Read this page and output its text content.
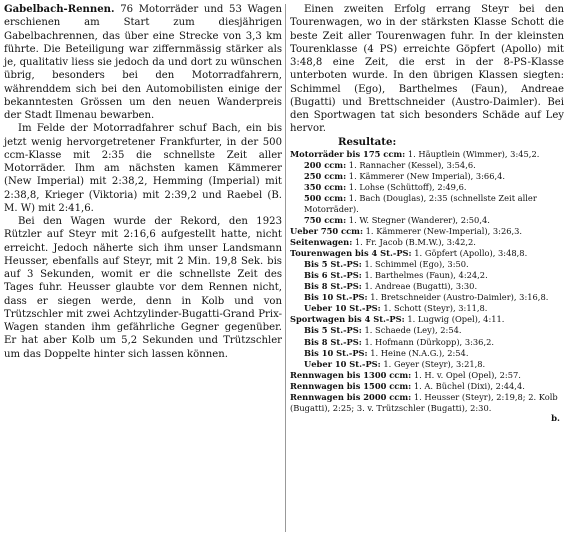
Gabelbach-Rennen. 76 Motorräder und 53 Wagen erschienen am Start zum diesjährigen Gabelbachrennen, das über eine Strecke von 3,3 km führte. Die Beteiligung war ziffernmässig stärker als je, qualitativ liess sie jedoch da und dort zu wünschen übrig, besonders bei den Motorradfahrern, währenddem sich bei den Automobilisten einige der bekanntesten Grössen um den neuen Wanderpreis der Stadt Ilmenau bewarben.

Im Felde der Motorradfahrer schuf Bach, ein bis jetzt wenig hervorgetretener Frankfurter, in der 500 ccm-Klasse mit 2:35 die schnellste Zeit aller Motorräder. Ihm am nächsten kamen Kämmerer (New Imperial) mit 2:38,2, Hemming (Imperial) mit 2:38,8, Krieger (Viktoria) mit 2:39,2 und Raebel (B. M. W) mit 2:41,6.

Bei den Wagen wurde der Rekord, den 1923 Rützler auf Steyr mit 2:16,6 aufgestellt hatte, nicht erreicht. Jedoch näherte sich ihm unser Landsmann Heusser, ebenfalls auf Steyr, mit 2 Min. 19,8 Sek. bis auf 3 Sekunden, womit er die schnellste Zeit des Tages fuhr. Heusser glaubte vor dem Rennen nicht, dass er siegen werde, denn in Kolb und von Trützschler mit zwei Achtzylinder-Bugatti-Grand Prix-Wagen standen ihm gefährliche Gegner gegenüber. Er hat aber Kolb um 5,2 Sekunden und Trützschler um das Doppelte hinter sich lassen können.

Einen zweiten Erfolg errang Steyr bei den Tourenwagen, wo in der stärksten Klasse Schott die beste Zeit aller Tourenwagen fuhr. In der kleinsten Tourenklasse (4 PS) erreichte Göpfert (Apollo) mit 3:48,8 eine Zeit, die erst in der 8-PS-Klasse unterboten wurde. In den übrigen Klassen siegten: Schimmel (Ego), Barthelmes (Faun), Andreae (Bugatti) und Brettschneider (Austro-Daimler). Bei den Sportwagen tat sich besonders Schäde auf Ley hervor.

Resultate:

Motorräder bis 175 ccm: 1. Häuptlein (Wimmer), 3:45,2.

200 ccm: 1. Rannacher (Kessel), 3:54,6.

250 ccm: 1. Kämmerer (New Imperial), 3:66,4.

350 ccm: 1. Lohse (Schüttoff), 2:49,6.

500 ccm: 1. Bach (Douglas), 2:35 (schnellste Zeit aller Motorräder).

750 ccm: 1. W. Stegner (Wanderer), 2:50,4.

Ueber 750 ccm: 1. Kämmerer (New-Imperial), 3:26,3.

Seitenwagen: 1. Fr. Jacob (B.M.W.), 3:42,2.

Tourenwagen bis 4 St.-PS: 1. Göpfert (Apollo), 3:48,8.

Bis 5 St.-PS: 1. Schimmel (Ego), 3:50.

Bis 6 St.-PS: 1. Barthelmes (Faun), 4:24,2.

Bis 8 St.-PS: 1. Andreae (Bugatti), 3:30.

Bis 10 St.-PS: 1. Bretschneider (Austro-Daimler), 3:16,8.

Ueber 10 St.-PS: 1. Schott (Steyr), 3:11,8.

Sportwagen bis 4 St.-PS: 1. Lugwig (Opel), 4:11.

Bis 5 St.-PS: 1. Schaede (Ley), 2:54.

Bis 8 St.-PS: 1. Hofmann (Dürkopp), 3:36,2.

Bis 10 St.-PS: 1. Heine (N.A.G.), 2:54.

Ueber 10 St.-PS: 1. Geyer (Steyr), 3:21,8.

Rennwagen bis 1300 ccm: 1. H. v. Opel (Opel), 2:57.

Rennwagen bis 1500 ccm: 1. A. Büchel (Dixi), 2:44,4.

Rennwagen bis 2000 ccm: 1. Heusser (Steyr), 2:19,8; 2. Kolb (Bugatti), 2:25; 3. v. Trützschler (Bugatti), 2:30.

b.
